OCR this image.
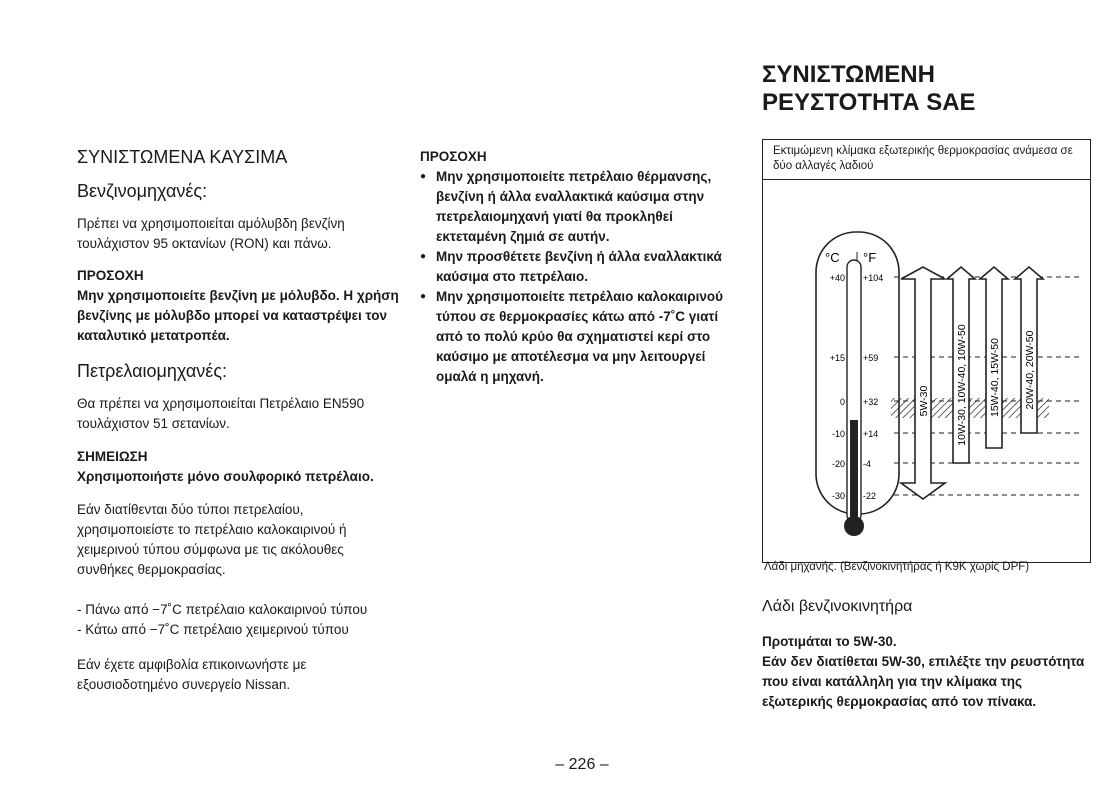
ΣΥΝΙΣΤΩΜΕΝΑ ΚΑΥΣΙΜΑ
Βενζινομηχανές:
Πρέπει να χρησιμοποιείται αμόλυβδη βενζίνη τουλάχιστον 95 οκτανίων (RON) και πάνω.
ΠΡΟΣΟΧΗ
Μην χρησιμοποιείτε βενζίνη με μόλυβδο. Η χρήση βενζίνης με μόλυβδο μπορεί να καταστρέψει τον καταλυτικό μετατροπέα.
Πετρελαιομηχανές:
Θα πρέπει να χρησιμοποιείται Πετρέλαιο EN590 τουλάχιστον 51 σετανίων.
ΣΗΜΕΙΩΣΗ
Χρησιμοποιήστε μόνο σουλφορικό πετρέλαιο.
Εάν διατίθενται δύο τύποι πετρελαίου, χρησιμοποιείστε το πετρέλαιο καλοκαιρινού ή χειμερινού τύπου σύμφωνα με τις ακόλουθες συνθήκες θερμοκρασίας.
- Πάνω από −7˚C πετρέλαιο καλοκαιρινού τύπου
- Κάτω από −7˚C πετρέλαιο χειμερινού τύπου
Εάν έχετε αμφιβολία επικοινωνήστε με εξουσιοδοτημένο συνεργείο Nissan.
ΠΡΟΣΟΧΗ
● Μην χρησιμοποιείτε πετρέλαιο θέρμανσης, βενζίνη ή άλλα εναλλακτικά καύσιμα στην πετρελαιομηχανή γιατί θα προκληθεί εκτεταμένη ζημιά σε αυτήν.
● Μην προσθέτετε βενζίνη ή άλλα εναλλακτικά καύσιμα στο πετρέλαιο.
● Μην χρησιμοποιείτε πετρέλαιο καλοκαιρινού τύπου σε θερμοκρασίες κάτω από -7˚C γιατί από το πολύ κρύο θα σχηματιστεί κερί στο καύσιμο με αποτέλεσμα να μην λειτουργεί ομαλά η μηχανή.
ΣΥΝΙΣΤΩΜΕΝΗ
ΡΕΥΣΤΟΤΗΤΑ SAE
Εκτιμώμενη κλίμακα εξωτερικής θερμοκρασίας ανάμεσα σε δύο αλλαγές λαδιού
°C °F
+40 +104
+15 +59
0 +32
-10 +14
-20 -4
-30 -22
5W-30 10W-30, 10W-40, 10W-50 15W-40, 15W-50 20W-40, 20W-50
Λάδι μηχανής. (Βενζινοκινητήρας ή K9K χωρίς DPF)
Λάδι βενζινοκινητήρα
Προτιμάται το 5W-30.
Εάν δεν διατίθεται 5W-30, επιλέξτε την ρευστότητα που είναι κατάλληλη για την κλίμακα της εξωτερικής θερμοκρασίας από τον πίνακα.
– 226 –
